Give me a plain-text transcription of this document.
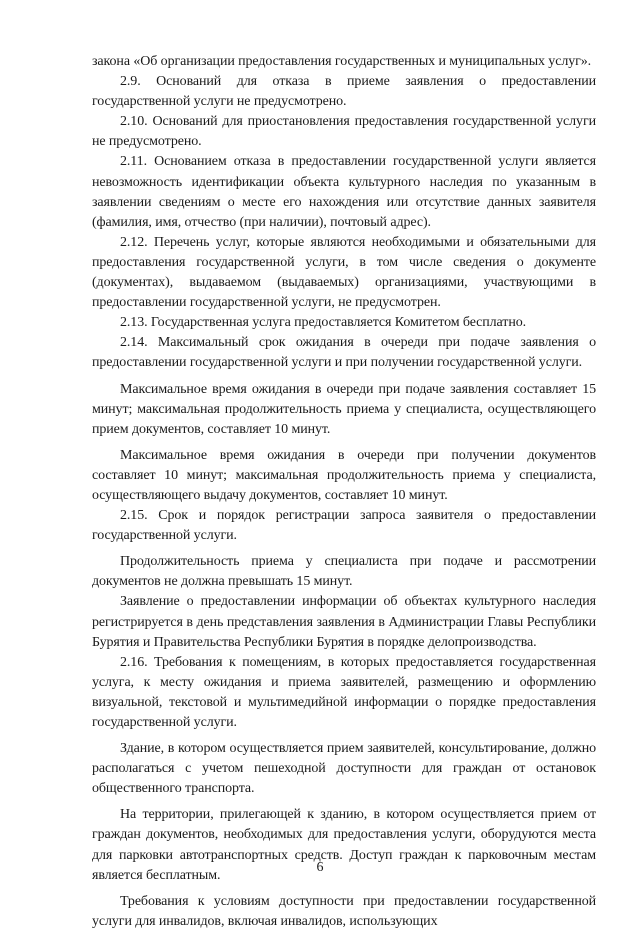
закона «Об организации предоставления государственных и муниципальных услуг».

2.9. Оснований для отказа в приеме заявления о предоставлении государственной услуги не предусмотрено.

2.10. Оснований для приостановления предоставления государственной услуги не предусмотрено.

2.11. Основанием отказа в предоставлении государственной услуги является невозможность идентификации объекта культурного наследия по указанным в заявлении сведениям о месте его нахождения или отсутствие данных заявителя (фамилия, имя, отчество (при наличии), почтовый адрес).

2.12. Перечень услуг, которые являются необходимыми и обязательными для предоставления государственной услуги, в том числе сведения о документе (документах), выдаваемом (выдаваемых) организациями, участвующими в предоставлении государственной услуги, не предусмотрен.

2.13. Государственная услуга предоставляется Комитетом бесплатно.

2.14. Максимальный срок ожидания в очереди при подаче заявления о предоставлении государственной услуги и при получении государственной услуги.

Максимальное время ожидания в очереди при подаче заявления составляет 15 минут; максимальная продолжительность приема у специалиста, осуществляющего прием документов, составляет 10 минут.

Максимальное время ожидания в очереди при получении документов составляет 10 минут; максимальная продолжительность приема у специалиста, осуществляющего выдачу документов, составляет 10 минут.

2.15. Срок и порядок регистрации запроса заявителя о предоставлении государственной услуги.

Продолжительность приема у специалиста при подаче и рассмотрении документов не должна превышать 15 минут.

Заявление о предоставлении информации об объектах культурного наследия регистрируется в день представления заявления в Администрации Главы Республики Бурятия и Правительства Республики Бурятия в порядке делопроизводства.

2.16. Требования к помещениям, в которых предоставляется государственная услуга, к месту ожидания и приема заявителей, размещению и оформлению визуальной, текстовой и мультимедийной информации о порядке предоставления государственной услуги.

Здание, в котором осуществляется прием заявителей, консультирование, должно располагаться с учетом пешеходной доступности для граждан от остановок общественного транспорта.

На территории, прилегающей к зданию, в котором осуществляется прием от граждан документов, необходимых для предоставления услуги, оборудуются места для парковки автотранспортных средств. Доступ граждан к парковочным местам является бесплатным.

Требования к условиям доступности при предоставлении государственной услуги для инвалидов, включая инвалидов, использующих

6
